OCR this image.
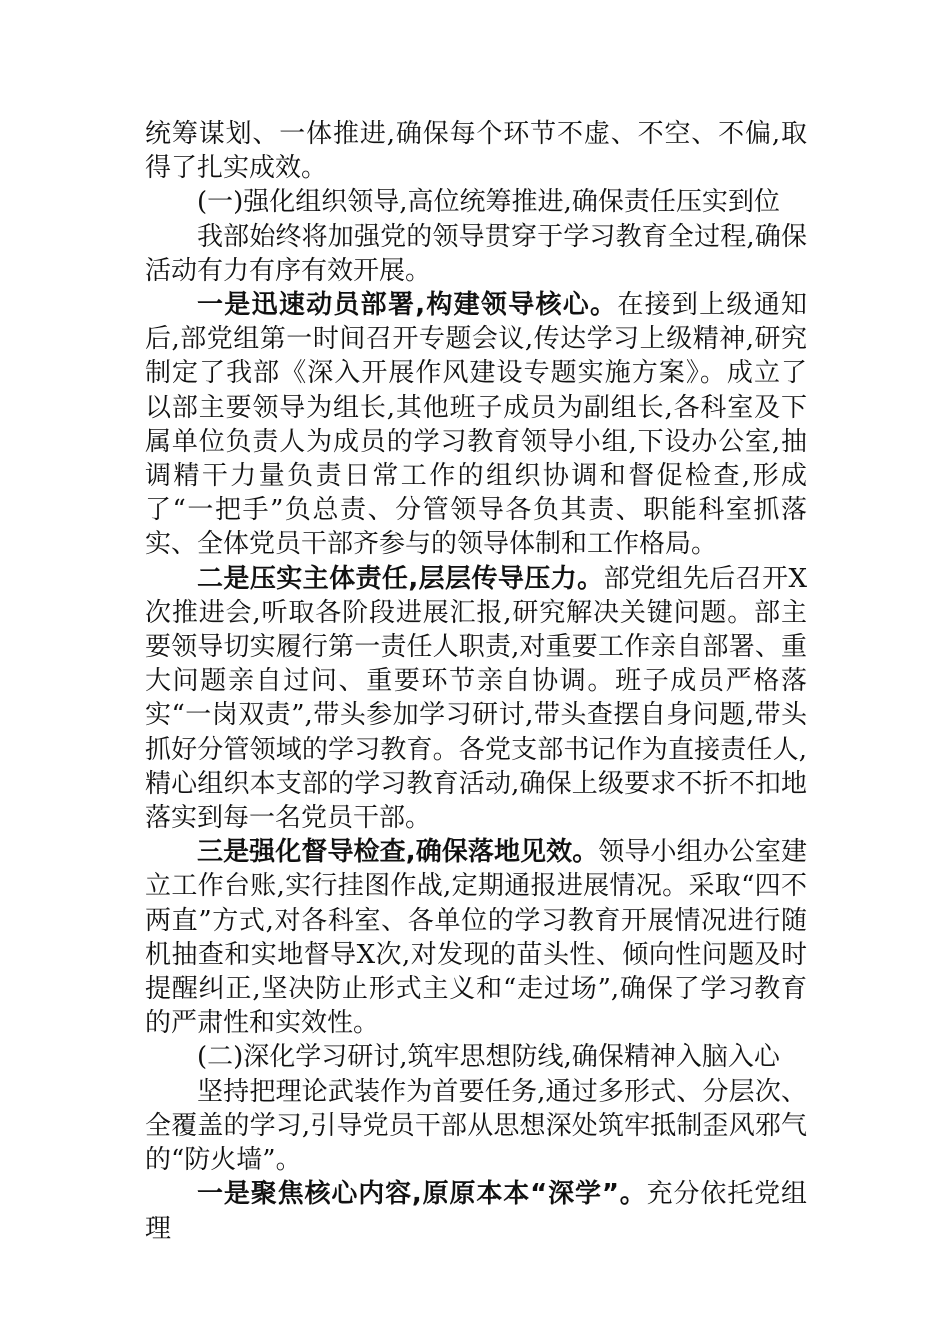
统筹谋划、一体推进,确保每个环节不虚、不空、不偏,取得了扎实成效。

(一)强化组织领导,高位统筹推进,确保责任压实到位

我部始终将加强党的领导贯穿于学习教育全过程,确保活动有力有序有效开展。

一是迅速动员部署,构建领导核心。在接到上级通知后,部党组第一时间召开专题会议,传达学习上级精神,研究制定了我部《深入开展作风建设专题实施方案》。成立了以部主要领导为组长,其他班子成员为副组长,各科室及下属单位负责人为成员的学习教育领导小组,下设办公室,抽调精干力量负责日常工作的组织协调和督促检查,形成了“一把手”负总责、分管领导各负其责、职能科室抓落实、全体党员干部齐参与的领导体制和工作格局。

二是压实主体责任,层层传导压力。部党组先后召开X次推进会,听取各阶段进展汇报,研究解决关键问题。部主要领导切实履行第一责任人职责,对重要工作亲自部署、重大问题亲自过问、重要环节亲自协调。班子成员严格落实“一岗双责”,带头参加学习研讨,带头查摆自身问题,带头抓好分管领域的学习教育。各党支部书记作为直接责任人,精心组织本支部的学习教育活动,确保上级要求不折不扣地落实到每一名党员干部。

三是强化督导检查,确保落地见效。领导小组办公室建立工作台账,实行挂图作战,定期通报进展情况。采取“四不两直”方式,对各科室、各单位的学习教育开展情况进行随机抽查和实地督导X次,对发现的苗头性、倾向性问题及时提醒纠正,坚决防止形式主义和“走过场”,确保了学习教育的严肃性和实效性。

(二)深化学习研讨,筑牢思想防线,确保精神入脑入心

坚持把理论武装作为首要任务,通过多形式、分层次、全覆盖的学习,引导党员干部从思想深处筑牢抵制歪风邪气的“防火墙”。

一是聚焦核心内容,原原本本“深学”。充分依托党组理
